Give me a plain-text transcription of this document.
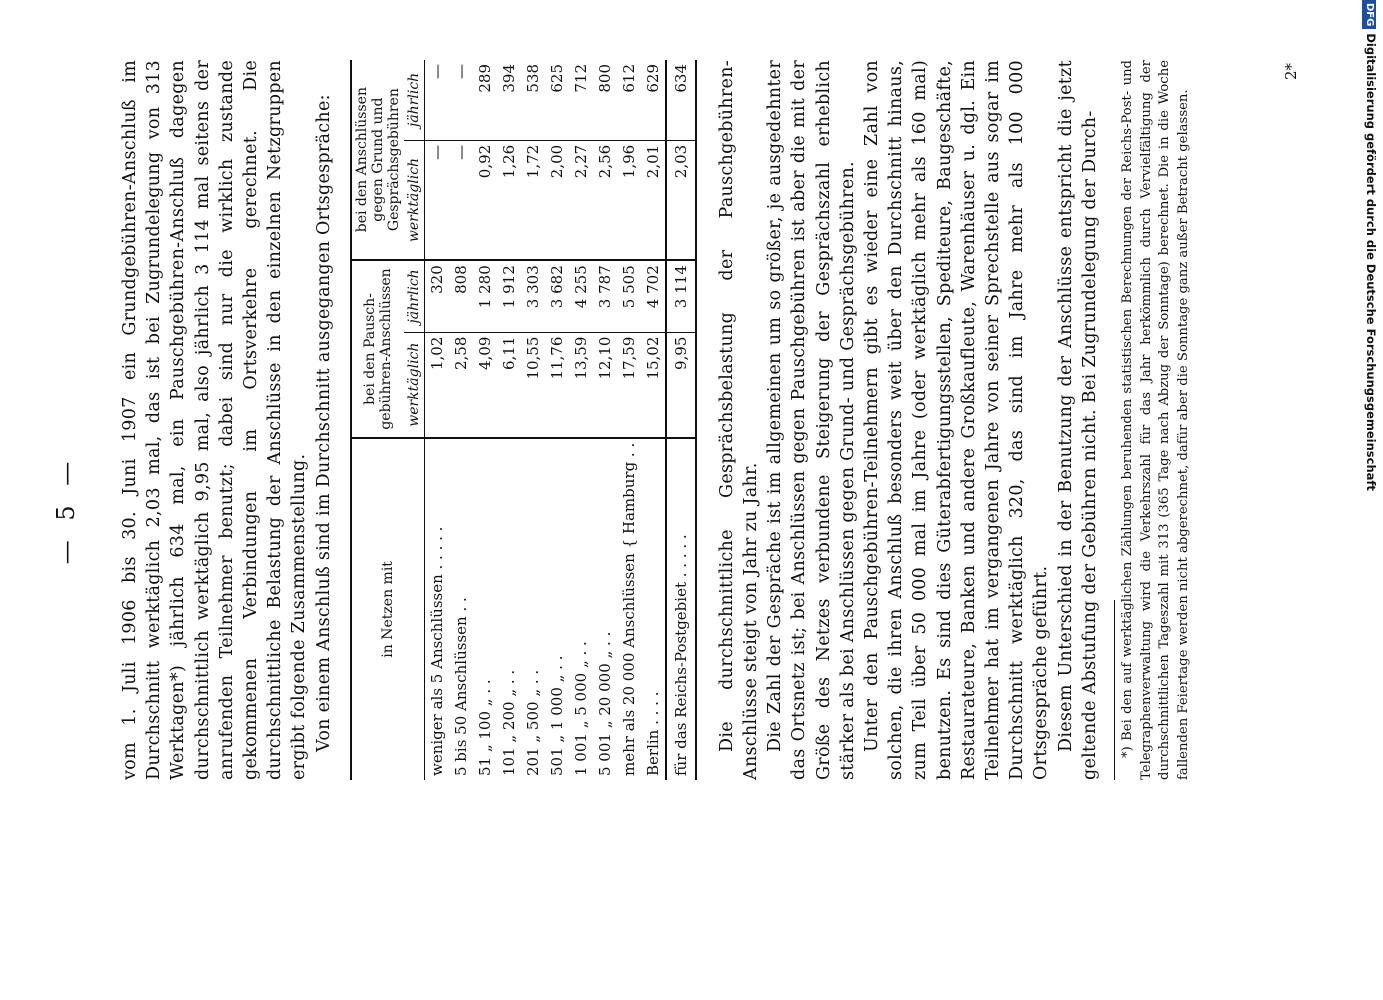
— 5 — vom 1. Juli 1906 bis 30. Juni 1907 ein Grundgebühren-Anschluß im Durchschnitt werktäglich 2,03 mal, das ist bei Zugrundelegung von 313 Werktagen*) jährlich 634 mal, ein Pauschgebühren-Anschluß dagegen durchschnittlich werktäglich 9,95 mal, also jährlich 3 114 mal seitens der anrufenden Teilnehmer benutzt; dabei sind nur die wirklich zustande gekommenen Verbindungen im Ortsverkehre gerechnet. Die durchschnittliche Belastung der Anschlüsse in den einzelnen Netzgruppen ergibt folgende Zusammenstellung. Von einem Anschluß sind im Durchschnitt ausgegangen Ortsgespräche:	in Netzen mit	bei den Pausch-gebühren-Anschlüssen		bei den Anschlüssen gegen Grund und Gesprächsgebühren	
	werktäglich	jährlich	werktäglich	jährlich
weniger als 5 Anschlüssen . . . . .	1,02	320	—	—
5 bis 50 Anschlüssen . .	2,58	808	—	—
51 „ 100 „ . .	4,09	1 280	0,92	289
101 „ 200 „ . .	6,11	1 912	1,26	394
201 „ 500 „ . .	10,55	3 303	1,72	538
501 „ 1 000 „ . .	11,76	3 682	2,00	625
1 001 „ 5 000 „ . .	13,59	4 255	2,27	712
5 001 „ 20 000 „ . .	12,10	3 787	2,56	800
mehr als 20 000 Anschlüssen { Hamburg . .	17,59	5 505	1,96	612
Berlin . . . .	15,02	4 702	2,01	629
für das Reichs-Postgebiet . . . . .	9,95	3 114	2,03	634 Die durchschnittliche Gesprächsbelastung der Pauschgebühren-Anschlüsse steigt von Jahr zu Jahr. Die Zahl der Gespräche ist im allgemeinen um so größer, je ausgedehnter das Ortsnetz ist; bei Anschlüssen gegen Pauschgebühren ist aber die mit der Größe des Netzes verbundene Steigerung der Gesprächszahl erheblich stärker als bei Anschlüssen gegen Grund- und Gesprächsgebühren. Unter den Pauschgebühren-Teilnehmern gibt es wieder eine Zahl von solchen, die ihren Anschluß besonders weit über den Durchschnitt hinaus, zum Teil über 50 000 mal im Jahre (oder werktäglich mehr als 160 mal) benutzen. Es sind dies Güterabfertigungsstellen, Spediteure, Baugeschäfte, Restaurateure, Banken und andere Großkaufleute, Warenhäuser u. dgl. Ein Teilnehmer hat im vergangenen Jahre von seiner Sprechstelle aus sogar im Durchschnitt werktäglich 320, das sind im Jahre mehr als 100 000 Ortsgespräche geführt. Diesem Unterschied in der Benutzung der Anschlüsse entspricht die jetzt geltende Abstufung der Gebühren nicht. Bei Zugrundelegung der Durch- *) Bei den auf werktäglichen Zählungen beruhenden statistischen Berechnungen der Reichs-Post- und Telegraphenverwaltung wird die Verkehrszahl für das Jahr herkömmlich durch Vervielfältigung der durchschnittlichen Tageszahl mit 313 (365 Tage nach Abzug der Sonntage) berechnet. Die in die Woche fallenden Feiertage werden nicht abgerechnet, dafür aber die Sonntage ganz außer Betracht gelassen.

2*
DFGDigitalisierung gefördert durch die Deutsche Forschungsgemeinschaft
